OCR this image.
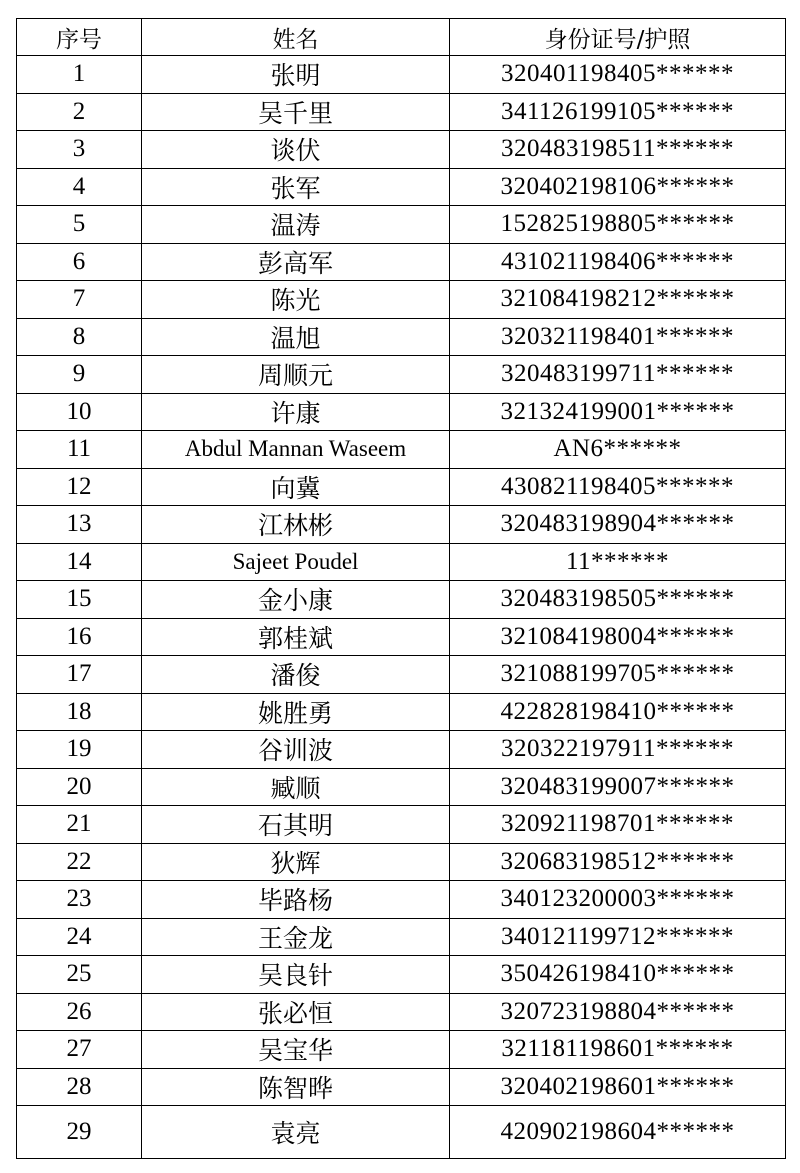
序号	姓名	身份证号/护照
1	张明	320401198405******
2	吴千里	341126199105******
3	谈伏	320483198511******
4	张军	320402198106******
5	温涛	152825198805******
6	彭高军	431021198406******
7	陈光	321084198212******
8	温旭	320321198401******
9	周顺元	320483199711******
10	许康	321324199001******
11	Abdul Mannan Waseem	AN6******
12	向冀	430821198405******
13	江林彬	320483198904******
14	Sajeet Poudel	11******
15	金小康	320483198505******
16	郭桂斌	321084198004******
17	潘俊	321088199705******
18	姚胜勇	422828198410******
19	谷训波	320322197911******
20	臧顺	320483199007******
21	石其明	320921198701******
22	狄辉	320683198512******
23	毕路杨	340123200003******
24	王金龙	340121199712******
25	吴良针	350426198410******
26	张必恒	320723198804******
27	吴宝华	321181198601******
28	陈智晔	320402198601******
29	袁亮	420902198604******
